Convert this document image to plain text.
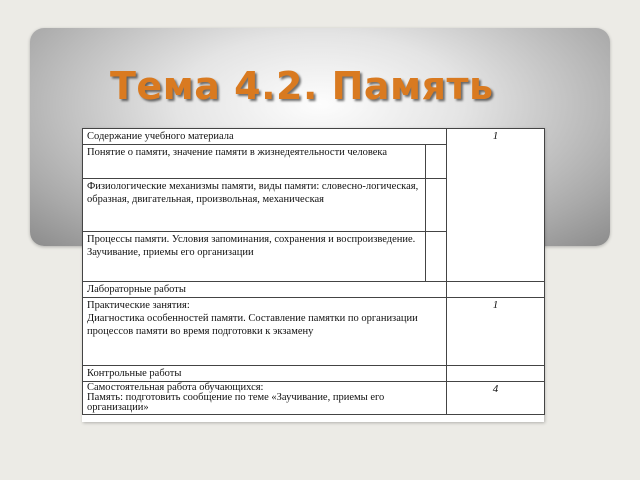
Тема 4.2. Память
Содержание учебного материала		1
Понятие о памяти, значение памяти в жизнедеятельности человека		
Физиологические механизмы памяти, виды памяти: словесно-логическая, образная, двигательная, произвольная, механическая		

Процессы памяти. Условия запоминания, сохранения и воспроизведение.
Заучивание, приемы его организации		

Лабораторные работы		

Практические занятия:
Диагностика особенностей памяти. Составление памятки по организации процессов памяти во время подготовки к экзамену		1
Контрольные работы		

Самостоятельная работа обучающихся:
Память: подготовить сообщение по теме «Заучивание, приемы его организации»		4
